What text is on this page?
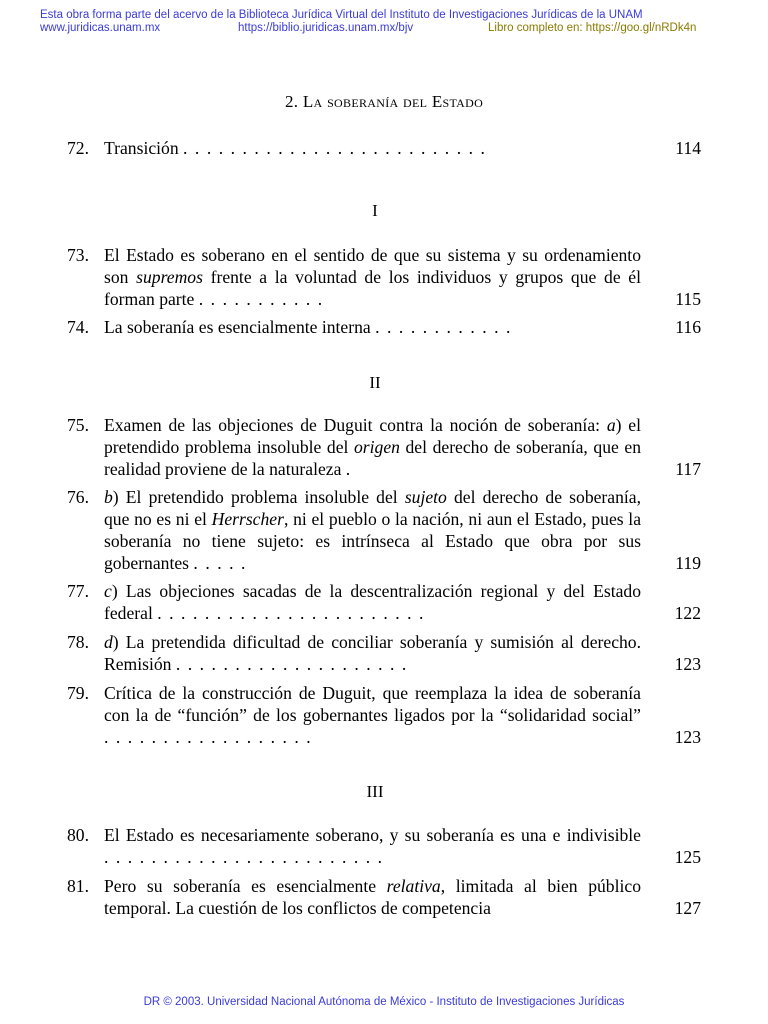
Esta obra forma parte del acervo de la Biblioteca Jurídica Virtual del Instituto de Investigaciones Jurídicas de la UNAM
www.juridicas.unam.mx	https://biblio.juridicas.unam.mx/bjv	Libro completo en: https://goo.gl/nRDk4n
2. La soberanía del Estado
72. Transición ..........................	114
I
73. El Estado es soberano en el sentido de que su sistema y su ordenamiento son supremos frente a la voluntad de los individuos y grupos que de él forman parte ...........	115
74. La soberanía es esencialmente interna ............	116
II
75. Examen de las objeciones de Duguit contra la noción de soberanía: a) el pretendido problema insoluble del origen del derecho de soberanía, que en realidad proviene de la naturaleza .	117
76. b) El pretendido problema insoluble del sujeto del derecho de soberanía, que no es ni el Herrscher, ni el pueblo o la nación, ni aun el Estado, pues la soberanía no tiene sujeto: es intrínseca al Estado que obra por sus gobernantes .....	119
77. c) Las objeciones sacadas de la descentralización regional y del Estado federal .......................	122
78. d) La pretendida dificultad de conciliar soberanía y sumisión al derecho. Remisión ....................	123
79. Crítica de la construcción de Duguit, que reemplaza la idea de soberanía con la de “función” de los gobernantes ligados por la “solidaridad social” ..................	123
III
80. El Estado es necesariamente soberano, y su soberanía es una e indivisible ........................	125
81. Pero su soberanía es esencialmente relativa, limitada al bien público temporal. La cuestión de los conflictos de competencia	127
DR © 2003. Universidad Nacional Autónoma de México - Instituto de Investigaciones Jurídicas
